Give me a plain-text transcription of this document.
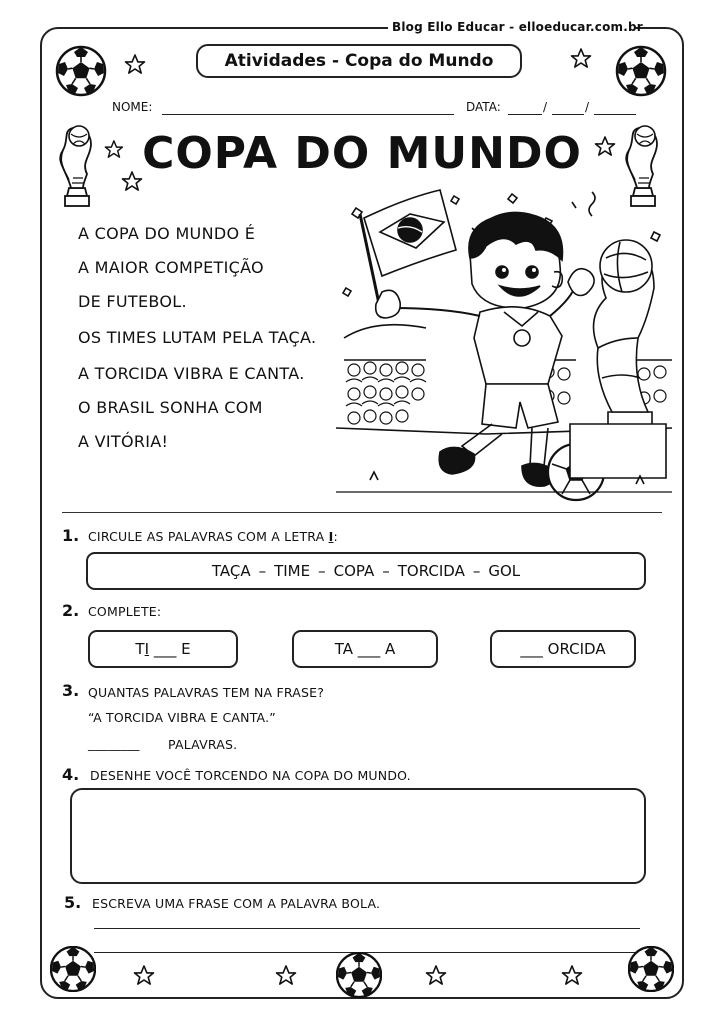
Blog Ello Educar - elloeducar.com.br
Atividades - Copa do Mundo
NOME:	DATA:	/	/
COPA DO MUNDO
A COPA DO MUNDO É
A MAIOR COMPETIÇÃO
DE FUTEBOL.
OS TIMES LUTAM PELA TAÇA.
A TORCIDA VIBRA E CANTA.
O BRASIL SONHA COM
A VITÓRIA!
1. CIRCULE AS PALAVRAS COM A LETRA I:
TAÇA – TIME – COPA – TORCIDA – GOL
2. COMPLETE:
T I
___
E	TA
___
A	___
ORCIDA
3. QUANTAS PALAVRAS TEM NA FRASE?
“A TORCIDA VIBRA E CANTA.”
________ PALAVRAS.
4. DESENHE VOCÊ TORCENDO NA COPA DO MUNDO.
5. ESCREVA UMA FRASE COM A PALAVRA BOLA.
